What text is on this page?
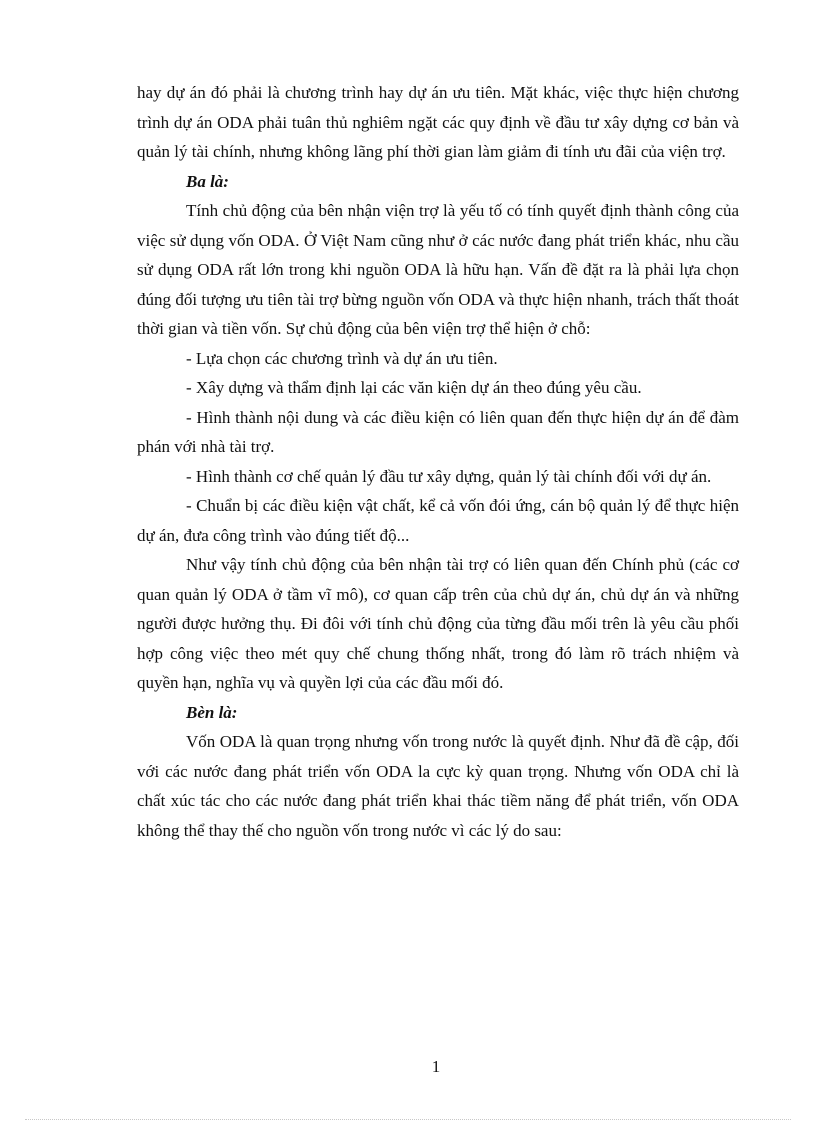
hay dự án đó phải là chương trình hay dự án ưu tiên. Mặt khác, việc thực hiện chương trình dự án ODA phải tuân thủ nghiêm ngặt các quy định về đầu tư xây dựng cơ bản và quản lý tài chính, nhưng không lãng phí thời gian làm giảm đi tính ưu đãi của viện trợ.

Ba là:

Tính chủ động của bên nhận viện trợ là yếu tố có tính quyết định thành công của việc sử dụng vốn ODA. Ở Việt Nam cũng như ở các nước đang phát triển khác, nhu cầu sử dụng ODA rất lớn trong khi nguồn ODA là hữu hạn. Vấn đề đặt ra là phải lựa chọn đúng đối tượng ưu tiên tài trợ bừng nguồn vốn ODA và thực hiện nhanh, trách thất thoát thời gian và tiền vốn. Sự chủ động của bên viện trợ thể hiện ở chỗ:

- Lựa chọn các chương trình và dự án ưu tiên.

- Xây dựng và thẩm định lại các văn kiện dự án theo đúng yêu cầu.

- Hình thành nội dung và các điều kiện có liên quan đến thực hiện dự án để đàm phán với nhà tài trợ.

- Hình thành cơ chế quản lý đầu tư xây dựng, quản lý tài chính đối với dự án.

- Chuẩn bị các điều kiện vật chất, kể cả vốn đói ứng, cán bộ quản lý để thực hiện dự án, đưa công trình vào đúng tiết độ...

Như vậy tính chủ động của bên nhận tài trợ có liên quan đến Chính phủ (các cơ quan quản lý ODA ở tầm vĩ mô), cơ quan cấp trên của chủ dự án, chủ dự án và những người được hưởng thụ. Đi đôi với tính chủ động của từng đầu mối trên là yêu cầu phối hợp công việc theo mét quy chế chung thống nhất, trong đó làm rõ trách nhiệm và quyền hạn, nghĩa vụ và quyền lợi của các đầu mối đó.

Bèn là:

Vốn ODA là quan trọng nhưng vốn trong nước là quyết định. Như đã đề cập, đối với các nước đang phát triển vốn ODA la cực kỳ quan trọng. Nhưng vốn ODA chỉ là chất xúc tác cho các nước đang phát triển khai thác tiềm năng để phát triển, vốn ODA không thể thay thế cho nguồn vốn trong nước vì các lý do sau:

1
